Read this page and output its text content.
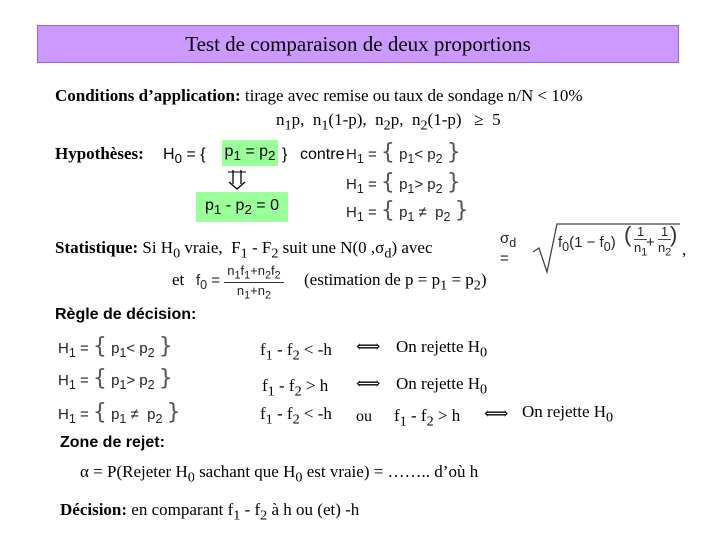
Test de comparaison de deux proportions
Conditions d’application: tirage avec remise ou taux de sondage n/N < 10%
$n_1p$,  $n_1(1-p)$,  $n_2p$,  $n_2(1-p) \ge 5$
Hypothèses: $H_0$ = { $p_1 = p_2$ } contre $H_1$ = { $p_1< p_2$ }
$H_1$ = { $p_1> p_2$ }
$H_1$ = { $p_1 \ne p_2$ }
$p_1 - p_2 = 0$
Statistique: Si $H_0$ vraie,  $F_1 - F_2$ suit une N(0 $,\sigma_d$) avec	$\sigma_d$ =
$f_0(1 - f_0)$ ( 1
$n_1$
+ $\frac{1}{n_2}$
)
,
et $f_0 = \frac{n_1f_1+n_2f_2}{n_1+n_2}$ (estimation de $p = p_1 = p_2$)
Règle de décision:
$H_1$ = { $p_1< p_2$ }
$H_1$ = { $p_1> p_2$ }
$H_1$ = { $p_1 \ne p_2$ }
$f_1 - f_2 < -h$ ⟺ On rejette $H_0$
$f_1 - f_2 > h$ ⟺ On rejette $H_0$
$f_1 - f_2 < -h$ ou $f_1 - f_2 > h$ ⟺ On rejette $H_0$
Zone de rejet:
α = P(Rejeter $H_0$ sachant que $H_0$ est vraie) = …….. d’où h
Décision: en comparant $f_1 - f_2$ à h ou (et) -h
